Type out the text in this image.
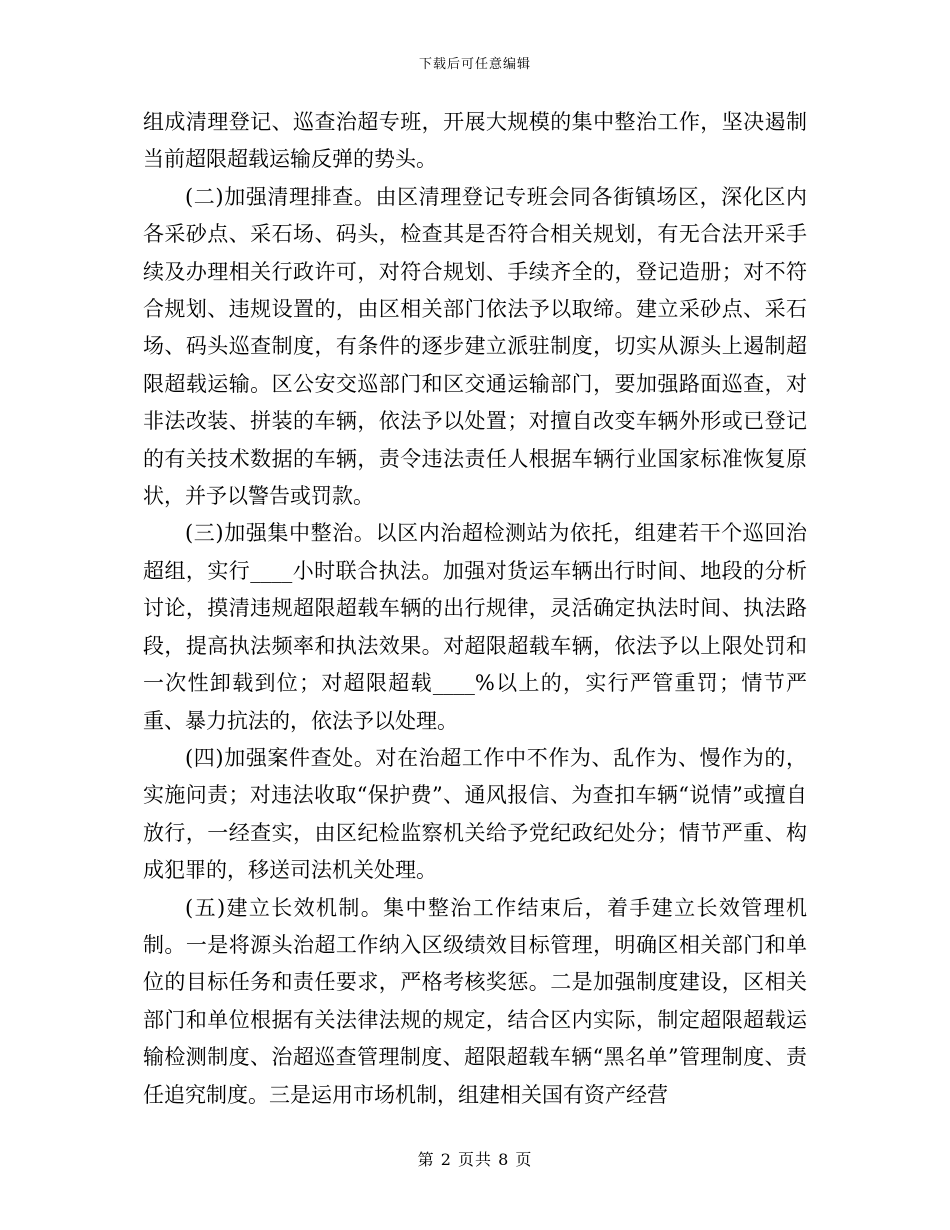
下载后可任意编辑

组成清理登记、巡查治超专班，开展大规模的集中整治工作，坚决遏制当前超限超载运输反弹的势头。

(二)加强清理排查。由区清理登记专班会同各街镇场区，深化区内各采砂点、采石场、码头，检查其是否符合相关规划，有无合法开采手续及办理相关行政许可，对符合规划、手续齐全的，登记造册；对不符合规划、违规设置的，由区相关部门依法予以取缔。建立采砂点、采石场、码头巡查制度，有条件的逐步建立派驻制度，切实从源头上遏制超限超载运输。区公安交巡部门和区交通运输部门，要加强路面巡查，对非法改装、拼装的车辆，依法予以处置；对擅自改变车辆外形或已登记的有关技术数据的车辆，责令违法责任人根据车辆行业国家标准恢复原状，并予以警告或罚款。

(三)加强集中整治。以区内治超检测站为依托，组建若干个巡回治超组，实行____小时联合执法。加强对货运车辆出行时间、地段的分析讨论，摸清违规超限超载车辆的出行规律，灵活确定执法时间、执法路段，提高执法频率和执法效果。对超限超载车辆，依法予以上限处罚和一次性卸载到位；对超限超载____%以上的，实行严管重罚；情节严重、暴力抗法的，依法予以处理。

(四)加强案件查处。对在治超工作中不作为、乱作为、慢作为的，实施问责；对违法收取“保护费”、通风报信、为查扣车辆“说情”或擅自放行，一经查实，由区纪检监察机关给予党纪政纪处分；情节严重、构成犯罪的，移送司法机关处理。

(五)建立长效机制。集中整治工作结束后，着手建立长效管理机制。一是将源头治超工作纳入区级绩效目标管理，明确区相关部门和单位的目标任务和责任要求，严格考核奖惩。二是加强制度建设，区相关部门和单位根据有关法律法规的规定，结合区内实际，制定超限超载运输检测制度、治超巡查管理制度、超限超载车辆“黑名单”管理制度、责任追究制度。三是运用市场机制，组建相关国有资产经营

第 2 页共 8 页
